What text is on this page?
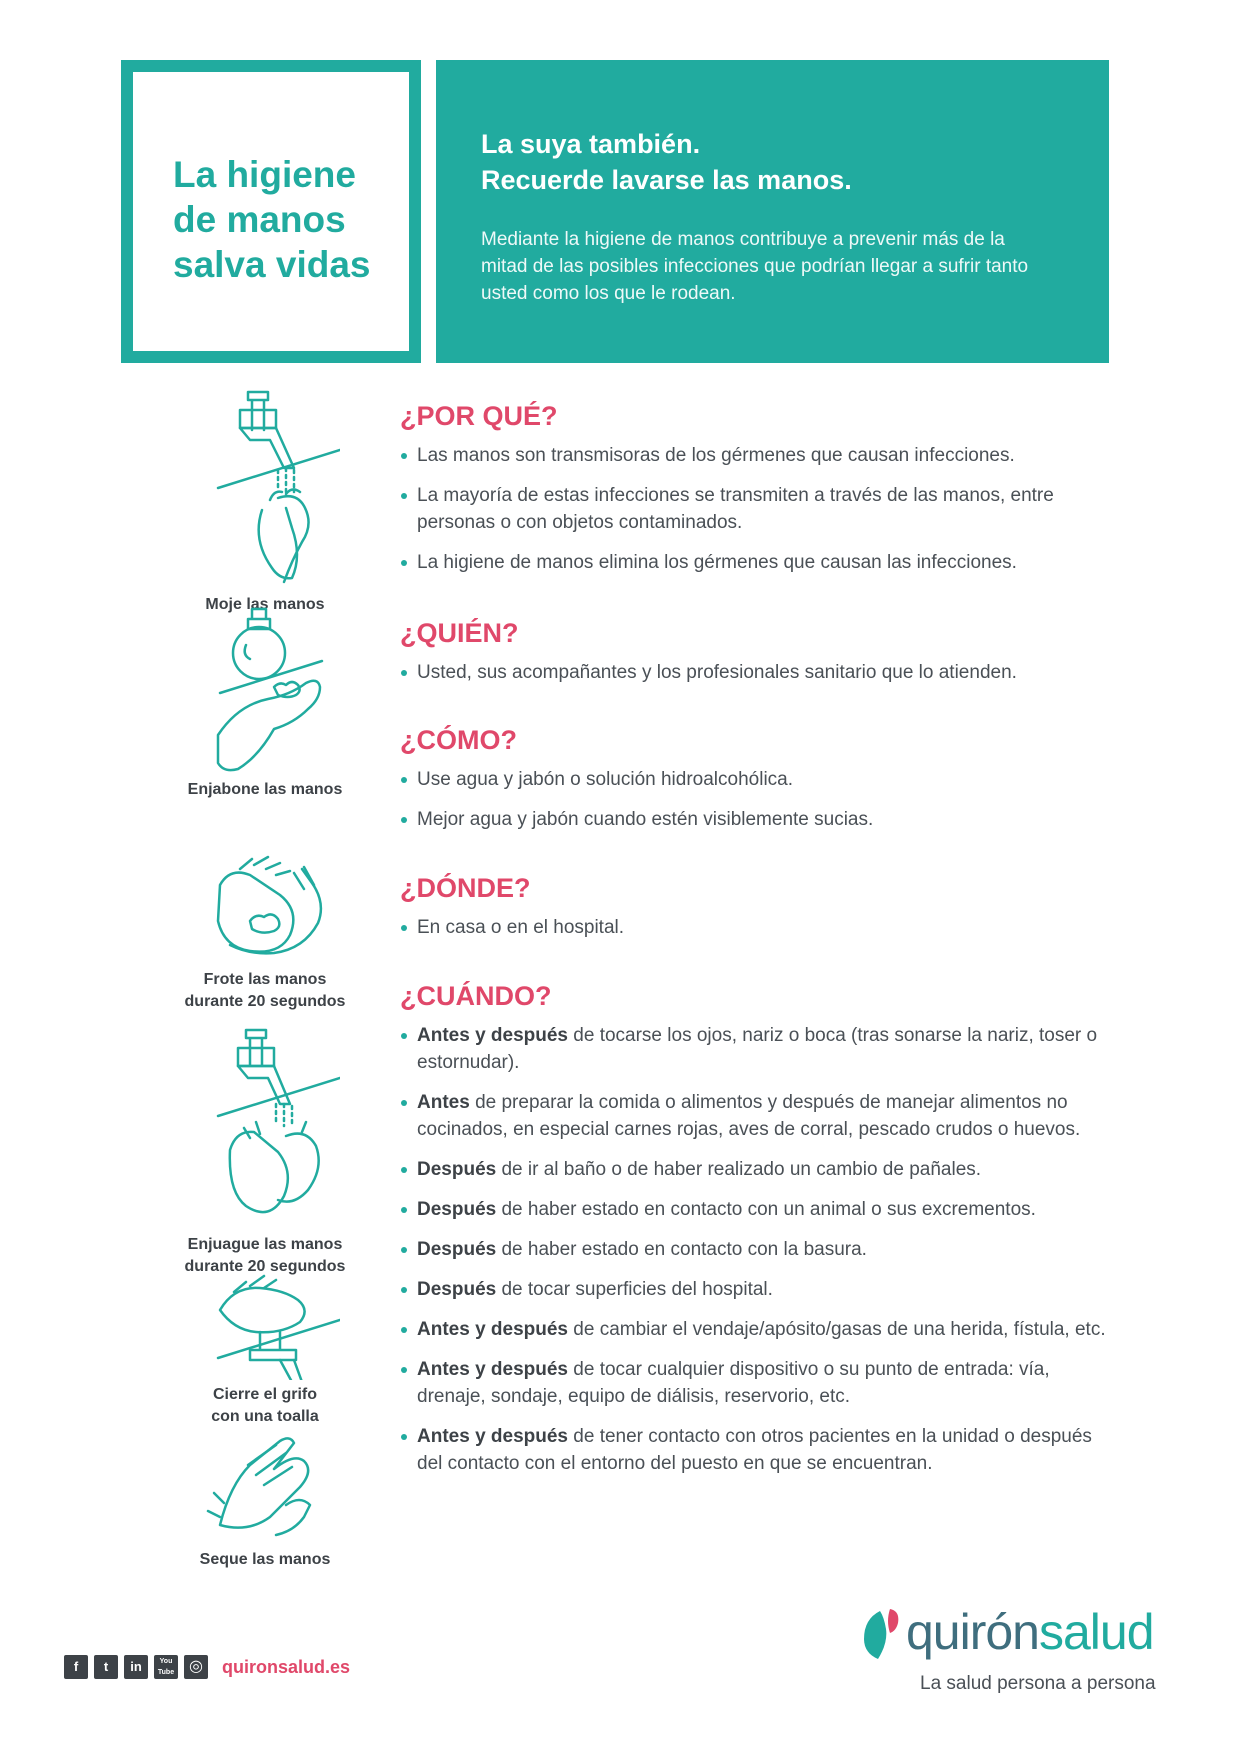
La higiene
de manos
salva vidas

La suya también.
Recuerde lavarse las manos.

Mediante la higiene de manos contribuye a prevenir más de la mitad de las posibles infecciones que podrían llegar a sufrir tanto usted como los que le rodean.

Moje las manos
Enjabone las manos
Frote las manos
durante 20 segundos
Enjuague las manos
durante 20 segundos
Cierre el grifo
con una toalla
Seque las manos
¿POR QUÉ?
Las manos son transmisoras de los gérmenes que causan infecciones.
La mayoría de estas infecciones se transmiten a través de las manos, entre personas o con objetos contaminados.
La higiene de manos elimina los gérmenes que causan las infecciones.
¿QUIÉN?
Usted, sus acompañantes y los profesionales sanitario que lo atienden.
¿CÓMO?
Use agua y jabón o solución hidroalcohólica.
Mejor agua y jabón cuando estén visiblemente sucias.
¿DÓNDE?
En casa o en el hospital.
¿CUÁNDO?
Antes y después de tocarse los ojos, nariz o boca (tras sonarse la nariz, toser o estornudar).
Antes de preparar la comida o alimentos y después de manejar alimentos no cocinados, en especial carnes rojas, aves de corral, pescado crudos o huevos.
Después de ir al baño o de haber realizado un cambio de pañales.
Después de haber estado en contacto con un animal o sus excrementos.
Después de haber estado en contacto con la basura.
Después de tocar superficies del hospital.
Antes y después de cambiar el vendaje/apósito/gasas de una herida, fístula, etc.
Antes y después de tocar cualquier dispositivo o su punto de entrada: vía, drenaje, sondaje, equipo de diálisis, reservorio, etc.
Antes y después de tener contacto con otros pacientes en la unidad o después del contacto con el entorno del puesto en que se encuentran.
quirónsalud
La salud persona a persona
f	t	in	You Tube ◎ quironsalud.es
